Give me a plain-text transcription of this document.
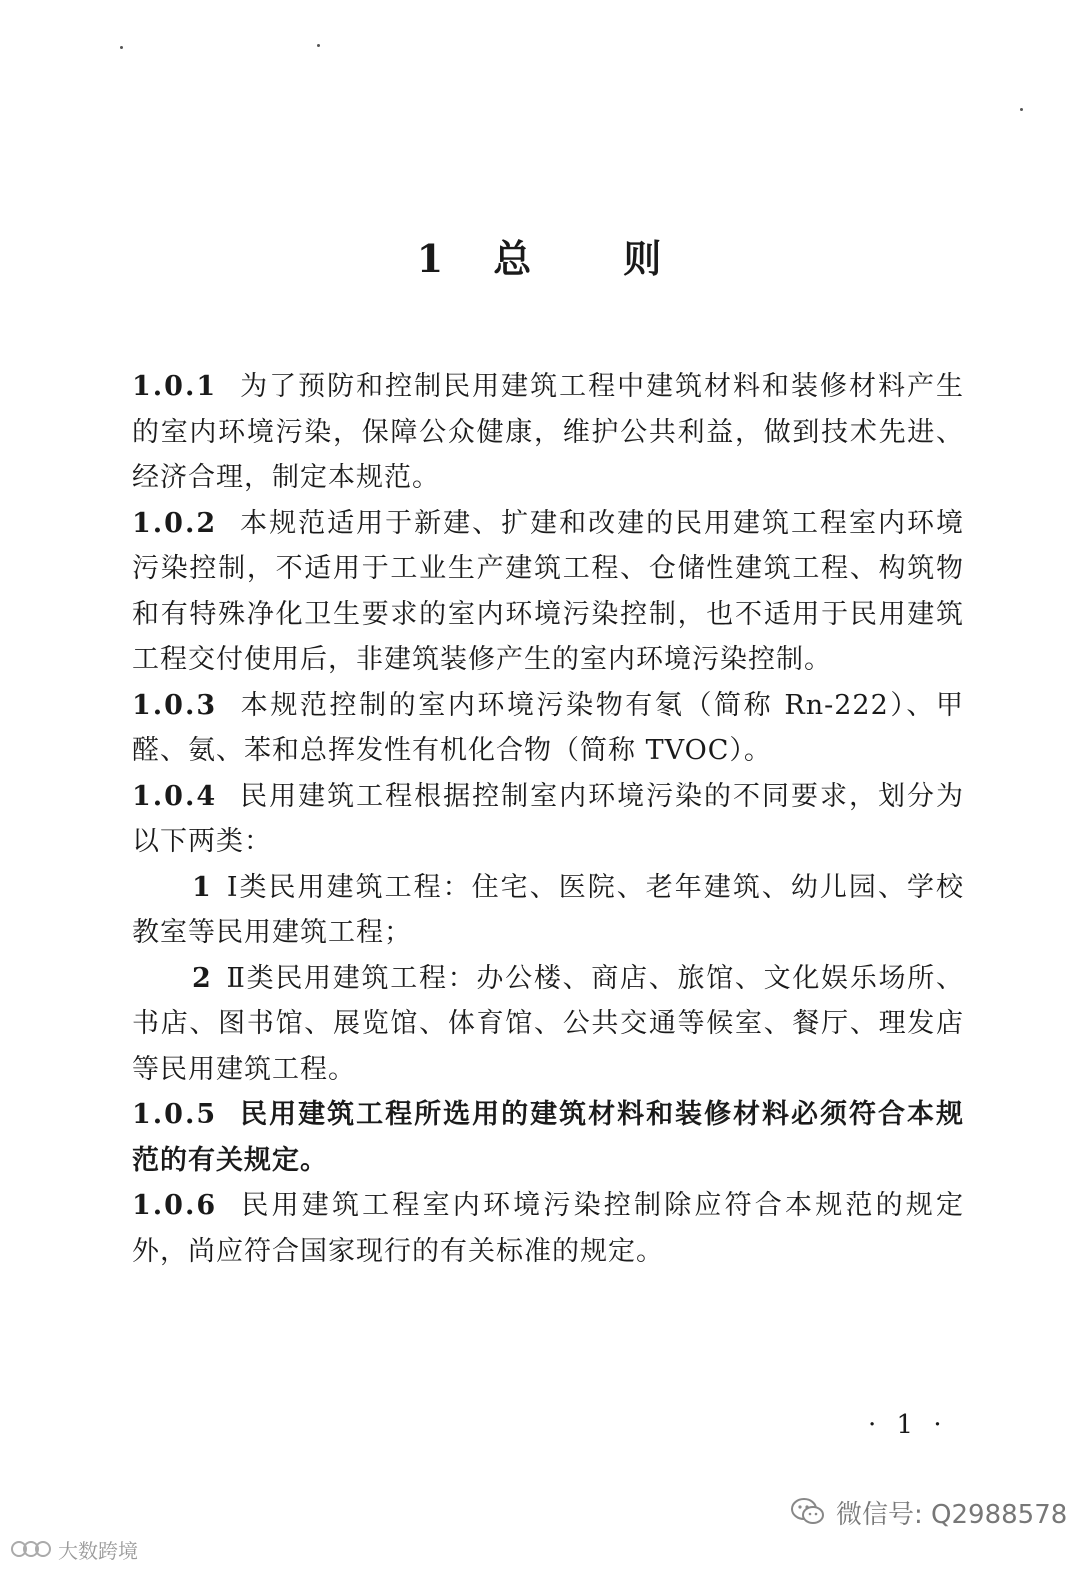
1 总 则

1.0.1 为了预防和控制民用建筑工程中建筑材料和装修材料产生的室内环境污染，保障公众健康，维护公共利益，做到技术先进、经济合理，制定本规范。

1.0.2 本规范适用于新建、扩建和改建的民用建筑工程室内环境污染控制，不适用于工业生产建筑工程、仓储性建筑工程、构筑物和有特殊净化卫生要求的室内环境污染控制，也不适用于民用建筑工程交付使用后，非建筑装修产生的室内环境污染控制。

1.0.3 本规范控制的室内环境污染物有氡（简称 Rn-222）、甲醛、氨、苯和总挥发性有机化合物（简称 TVOC）。

1.0.4 民用建筑工程根据控制室内环境污染的不同要求，划分为以下两类：

1 Ⅰ类民用建筑工程：住宅、医院、老年建筑、幼儿园、学校教室等民用建筑工程；

2 Ⅱ类民用建筑工程：办公楼、商店、旅馆、文化娱乐场所、书店、图书馆、展览馆、体育馆、公共交通等候室、餐厅、理发店等民用建筑工程。

1.0.5 民用建筑工程所选用的建筑材料和装修材料必须符合本规范的有关规定。

1.0.6 民用建筑工程室内环境污染控制除应符合本规范的规定外，尚应符合国家现行的有关标准的规定。

· 1 ·
微信号: Q2988578
大数跨境
